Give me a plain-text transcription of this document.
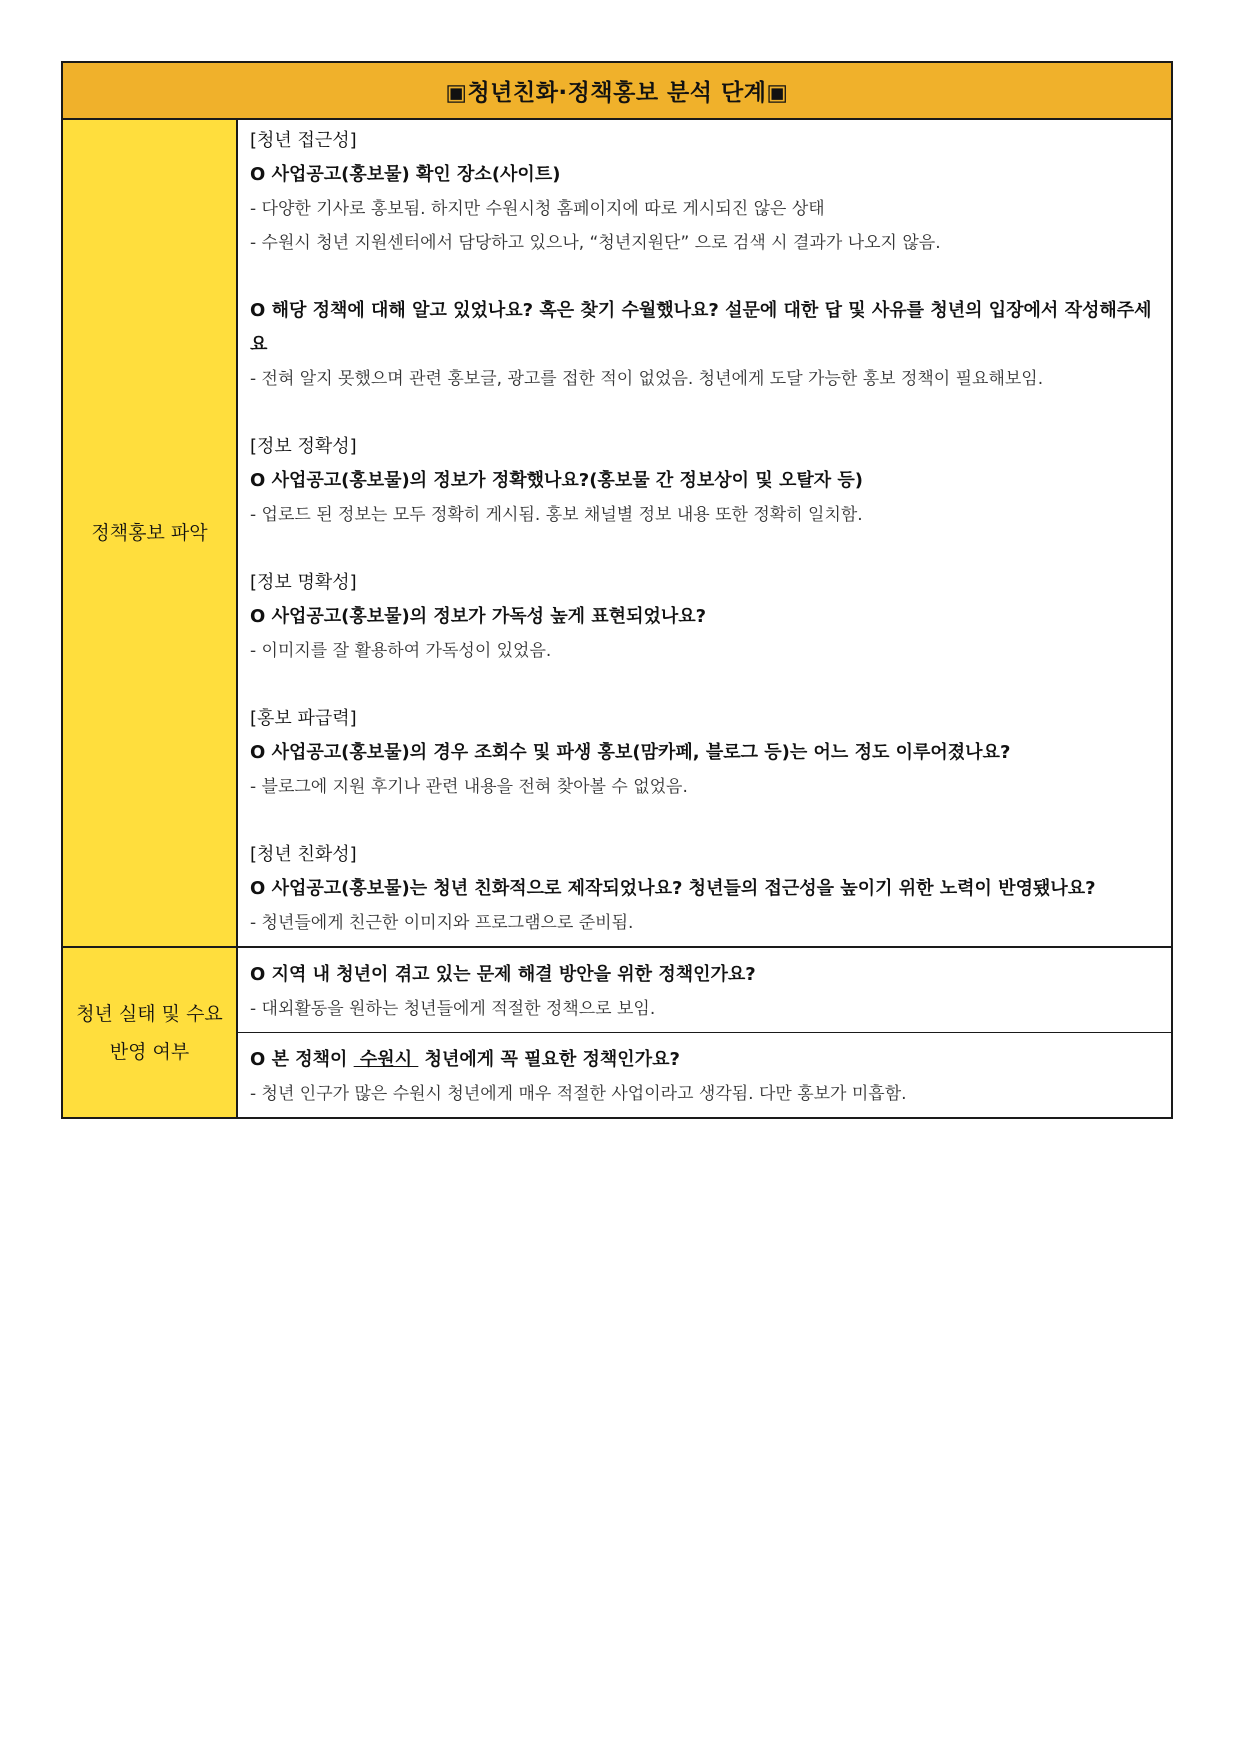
▣청년친화·정책홍보 분석 단계▣
정책홍보 파악
[청년 접근성]
O 사업공고(홍보물) 확인 장소(사이트)
- 다양한 기사로 홍보됨. 하지만 수원시청 홈페이지에 따로 게시되진 않은 상태
- 수원시 청년 지원센터에서 담당하고 있으나, “청년지원단” 으로 검색 시 결과가 나오지 않음.
O 해당 정책에 대해 알고 있었나요? 혹은 찾기 수월했나요? 설문에 대한 답 및 사유를 청년의 입장에서 작성해주세요
- 전혀 알지 못했으며 관련 홍보글, 광고를 접한 적이 없었음. 청년에게 도달 가능한 홍보 정책이 필요해보임.
[정보 정확성]
O 사업공고(홍보물)의 정보가 정확했나요?(홍보물 간 정보상이 및 오탈자 등)
- 업로드 된 정보는 모두 정확히 게시됨. 홍보 채널별 정보 내용 또한 정확히 일치함.
[정보 명확성]
O 사업공고(홍보물)의 정보가 가독성 높게 표현되었나요?
- 이미지를 잘 활용하여 가독성이 있었음.
[홍보 파급력]
O 사업공고(홍보물)의 경우 조회수 및 파생 홍보(맘카페, 블로그 등)는 어느 정도 이루어졌나요?
- 블로그에 지원 후기나 관련 내용을 전혀 찾아볼 수 없었음.
[청년 친화성]
O 사업공고(홍보물)는 청년 친화적으로 제작되었나요? 청년들의 접근성을 높이기 위한 노력이 반영됐나요?
- 청년들에게 친근한 이미지와 프로그램으로 준비됨.
청년 실태 및 수요
반영 여부
O 지역 내 청년이 겪고 있는 문제 해결 방안을 위한 정책인가요?
- 대외활동을 원하는 청년들에게 적절한 정책으로 보임.
O 본 정책이  수원시  청년에게 꼭 필요한 정책인가요?
- 청년 인구가 많은 수원시 청년에게 매우 적절한 사업이라고 생각됨. 다만 홍보가 미흡함.
